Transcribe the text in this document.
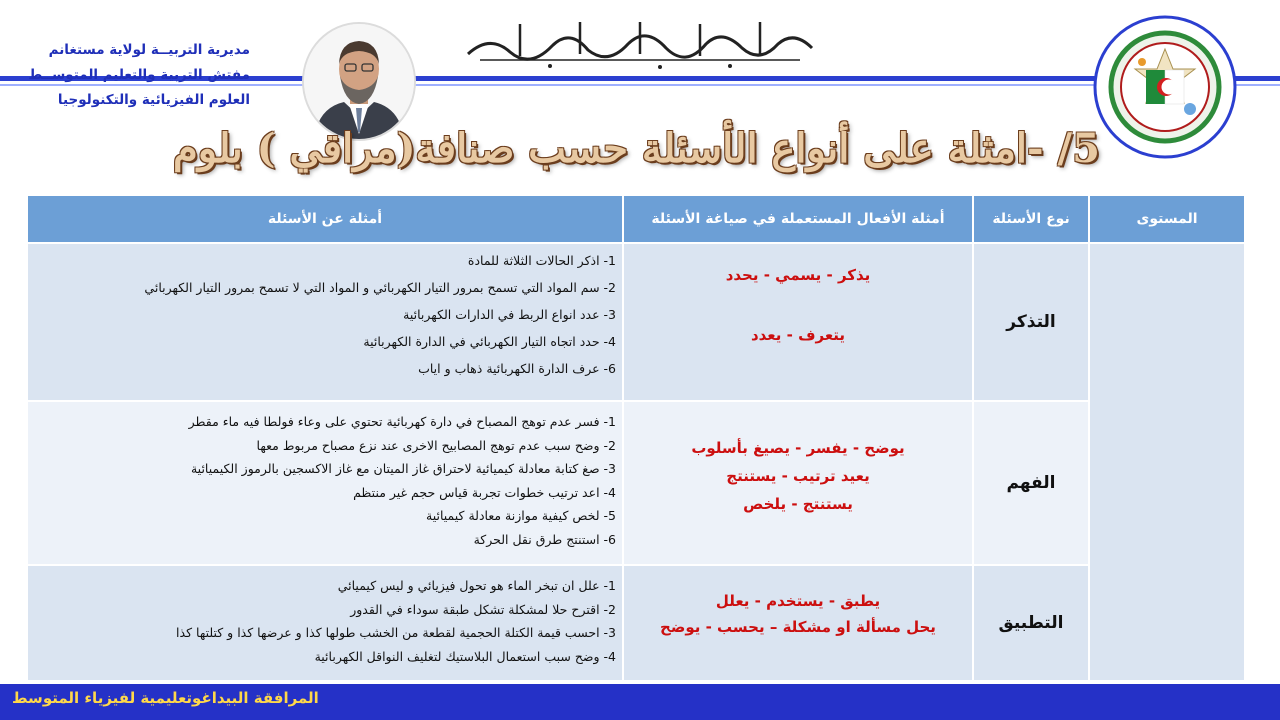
مديرية التربيــة لولاية مستغانم
مفتش التربية والتعليم المتوســط
العلوم الفيزيائية والتكنولوجيا
5/ -امثلة على أنواع الأسئلة حسب صنافة(مراقي ) بلوم
المستوى
نوع الأسئلة
أمثلة الأفعال المستعملة في صياغة الأسئلة
أمثلة عن الأسئلة
التذكر
يذكر - يسمي - يحدد
يتعرف - يعدد
1- اذكر الحالات الثلاثة للمادة
2- سم المواد التي تسمح بمرور التيار الكهربائي و المواد التي لا تسمح بمرور التيار الكهربائي
3- عدد انواع الربط في الدارات الكهربائية
4- حدد اتجاه التيار الكهربائي في الدارة الكهربائية
6- عرف الدارة الكهربائية ذهاب و اياب
الفهم
يوضح - يفسر - يصيغ بأسلوب
يعيد ترتيب - يستنتج
يستنتج - يلخص
1- فسر عدم توهج المصباح في دارة كهربائية تحتوي على وعاء فولطا فيه ماء مقطر
2- وضح سبب عدم توهج المصابيح الاخرى عند نزع مصباح مربوط معها
3- صغ كتابة معادلة كيميائية لاحتراق غاز الميتان مع غاز الاكسجين بالرموز الكيميائية
4- اعد ترتيب خطوات تجربة قياس حجم غير منتظم
5- لخص كيفية موازنة معادلة كيميائية
6- استنتج طرق نقل الحركة
التطبيق
يطبق - يستخدم - يعلل
يحل مسألة او مشكلة – يحسب - يوضح
1- علل ان تبخر الماء هو تحول فيزيائي و ليس كيميائي
2- اقترح حلا لمشكلة تشكل طبقة سوداء في القدور
3- احسب قيمة الكتلة الحجمية لقطعة من الخشب طولها كذا و عرضها كذا و كتلتها كذا
4- وضح سبب استعمال البلاستيك لتغليف النواقل الكهربائية
المرافقة البيداغوتعليمية لفيزياء المتوسط
